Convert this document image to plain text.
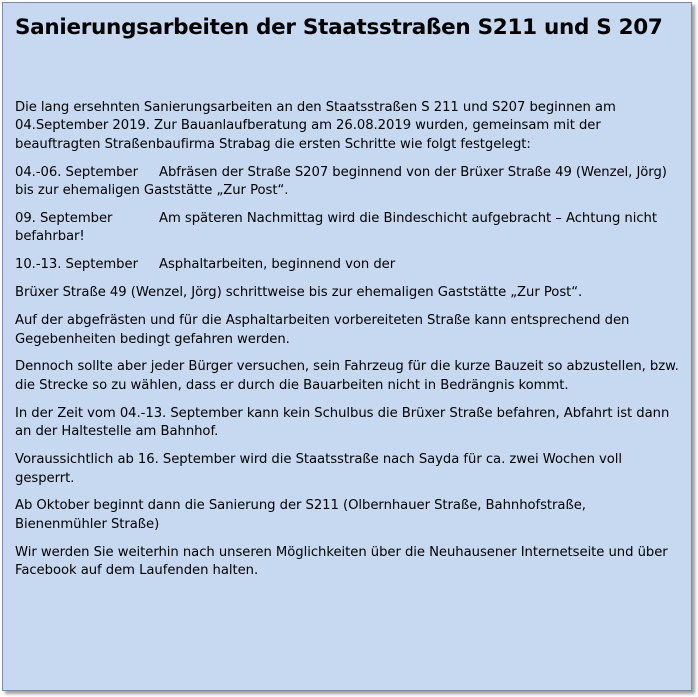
Sanierungsarbeiten der Staatsstraßen S211 und S 207

Die lang ersehnten Sanierungsarbeiten an den Staatsstraßen S 211 und S207 beginnen am 04.September 2019. Zur Bauanlaufberatung am 26.08.2019 wurden, gemeinsam mit der beauftragten Straßenbaufirma Strabag die ersten Schritte wie folgt festgelegt:

04.-06. September Abfräsen der Straße S207 beginnend von der Brüxer Straße 49 (Wenzel, Jörg) bis zur ehemaligen Gaststätte „Zur Post“.

09. September	Am späteren Nachmittag wird die Bindeschicht aufgebracht – Achtung nicht befahrbar!

10.-13. September Asphaltarbeiten, beginnend von der

Brüxer Straße 49 (Wenzel, Jörg) schrittweise bis zur ehemaligen Gaststätte „Zur Post“.

Auf der abgefrästen und für die Asphaltarbeiten vorbereiteten Straße kann entsprechend den Gegebenheiten bedingt gefahren werden.

Dennoch sollte aber jeder Bürger versuchen, sein Fahrzeug für die kurze Bauzeit so abzustellen, bzw. die Strecke so zu wählen, dass er durch die Bauarbeiten nicht in Bedrängnis kommt.

In der Zeit vom 04.-13. September kann kein Schulbus die Brüxer Straße befahren, Abfahrt ist dann an der Haltestelle am Bahnhof.

Voraussichtlich ab 16. September wird die Staatsstraße nach Sayda für ca. zwei Wochen voll gesperrt.

Ab Oktober beginnt dann die Sanierung der S211 (Olbernhauer Straße, Bahnhofstraße, Bienenmühler Straße)

Wir werden Sie weiterhin nach unseren Möglichkeiten über die Neuhausener Internetseite und über Facebook auf dem Laufenden halten.
